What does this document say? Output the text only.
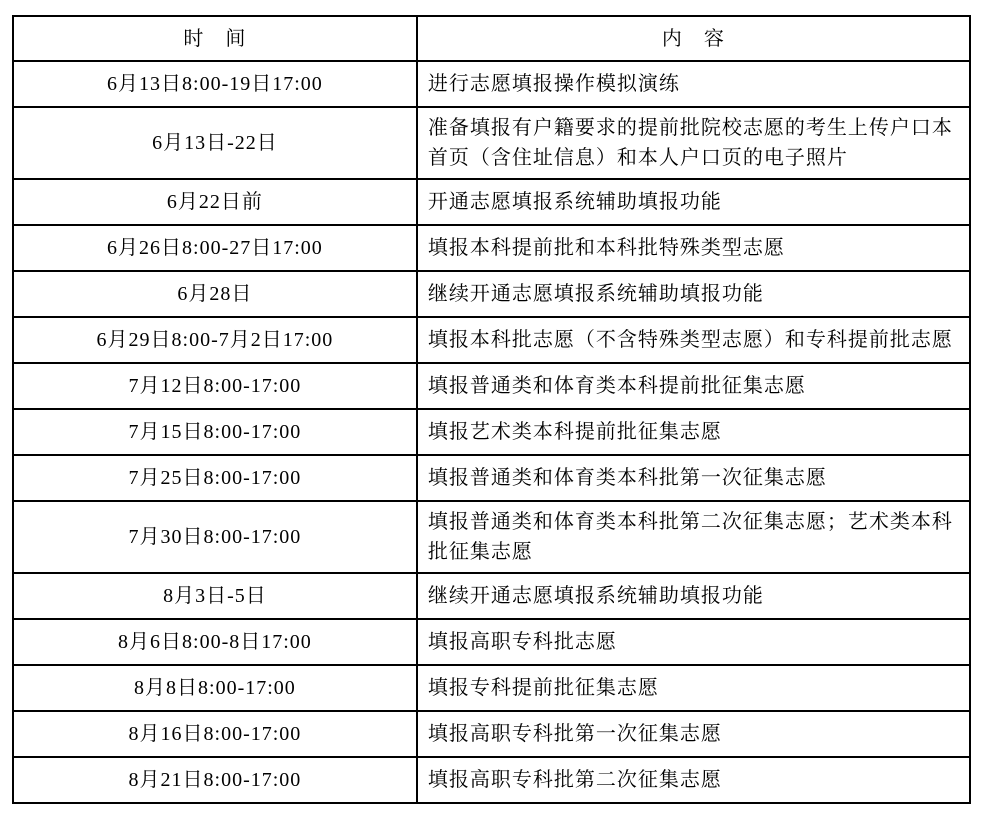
时　间	内　容
6月13日8:00-19日17:00	进行志愿填报操作模拟演练
6月13日-22日	准备填报有户籍要求的提前批院校志愿的考生上传户口本首页（含住址信息）和本人户口页的电子照片
6月22日前	开通志愿填报系统辅助填报功能
6月26日8:00-27日17:00	填报本科提前批和本科批特殊类型志愿
6月28日	继续开通志愿填报系统辅助填报功能
6月29日8:00-7月2日17:00	填报本科批志愿（不含特殊类型志愿）和专科提前批志愿
7月12日8:00-17:00	填报普通类和体育类本科提前批征集志愿
7月15日8:00-17:00	填报艺术类本科提前批征集志愿
7月25日8:00-17:00	填报普通类和体育类本科批第一次征集志愿
7月30日8:00-17:00	填报普通类和体育类本科批第二次征集志愿；艺术类本科批征集志愿
8月3日-5日	继续开通志愿填报系统辅助填报功能
8月6日8:00-8日17:00	填报高职专科批志愿
8月8日8:00-17:00	填报专科提前批征集志愿
8月16日8:00-17:00	填报高职专科批第一次征集志愿
8月21日8:00-17:00	填报高职专科批第二次征集志愿
